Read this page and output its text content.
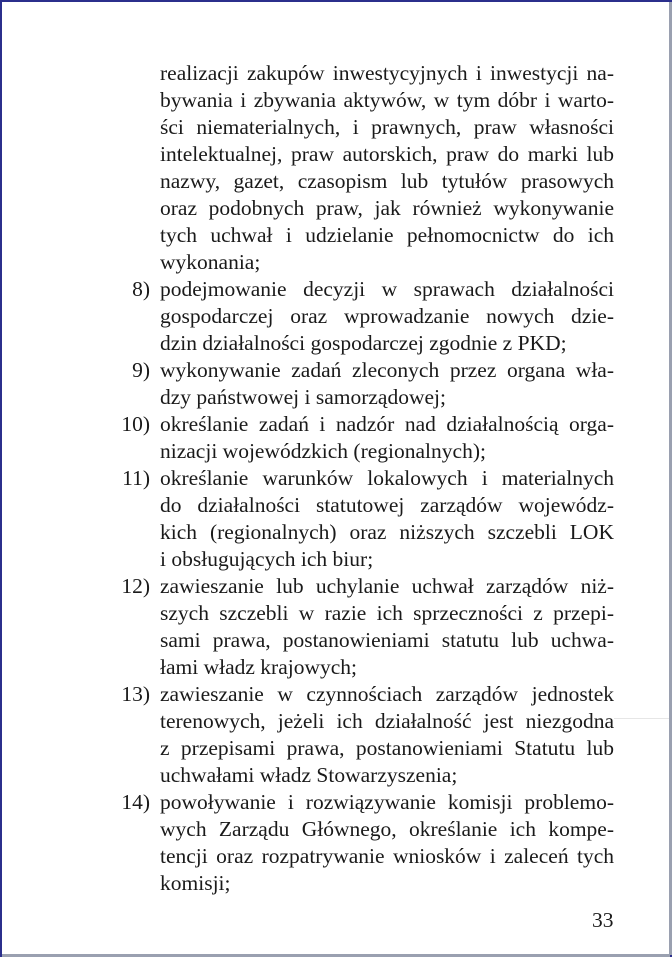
realizacji zakupów inwestycyjnych i inwestycji na-
bywania i zbywania aktywów, w tym dóbr i warto-
ści niematerialnych, i prawnych, praw własności
intelektualnej, praw autorskich, praw do marki lub
nazwy, gazet, czasopism lub tytułów prasowych
oraz podobnych praw, jak również wykonywanie
tych uchwał i udzielanie pełnomocnictw do ich
wykonania;
8) podejmowanie decyzji w sprawach działalności
gospodarczej oraz wprowadzanie nowych dzie-
dzin działalności gospodarczej zgodnie z PKD;
9) wykonywanie zadań zleconych przez organa wła-
dzy państwowej i samorządowej;
10) określanie zadań i nadzór nad działalnością orga-
nizacji wojewódzkich (regionalnych);
11) określanie warunków lokalowych i materialnych
do działalności statutowej zarządów wojewódz-
kich (regionalnych) oraz niższych szczebli LOK
i obsługujących ich biur;
12) zawieszanie lub uchylanie uchwał zarządów niż-
szych szczebli w razie ich sprzeczności z przepi-
sami prawa, postanowieniami statutu lub uchwa-
łami władz krajowych;
13) zawieszanie w czynnościach zarządów jednostek
terenowych, jeżeli ich działalność jest niezgodna
z przepisami prawa, postanowieniami Statutu lub
uchwałami władz Stowarzyszenia;
14) powoływanie i rozwiązywanie komisji problemo-
wych Zarządu Głównego, określanie ich kompe-
tencji oraz rozpatrywanie wniosków i zaleceń tych
komisji;
33
